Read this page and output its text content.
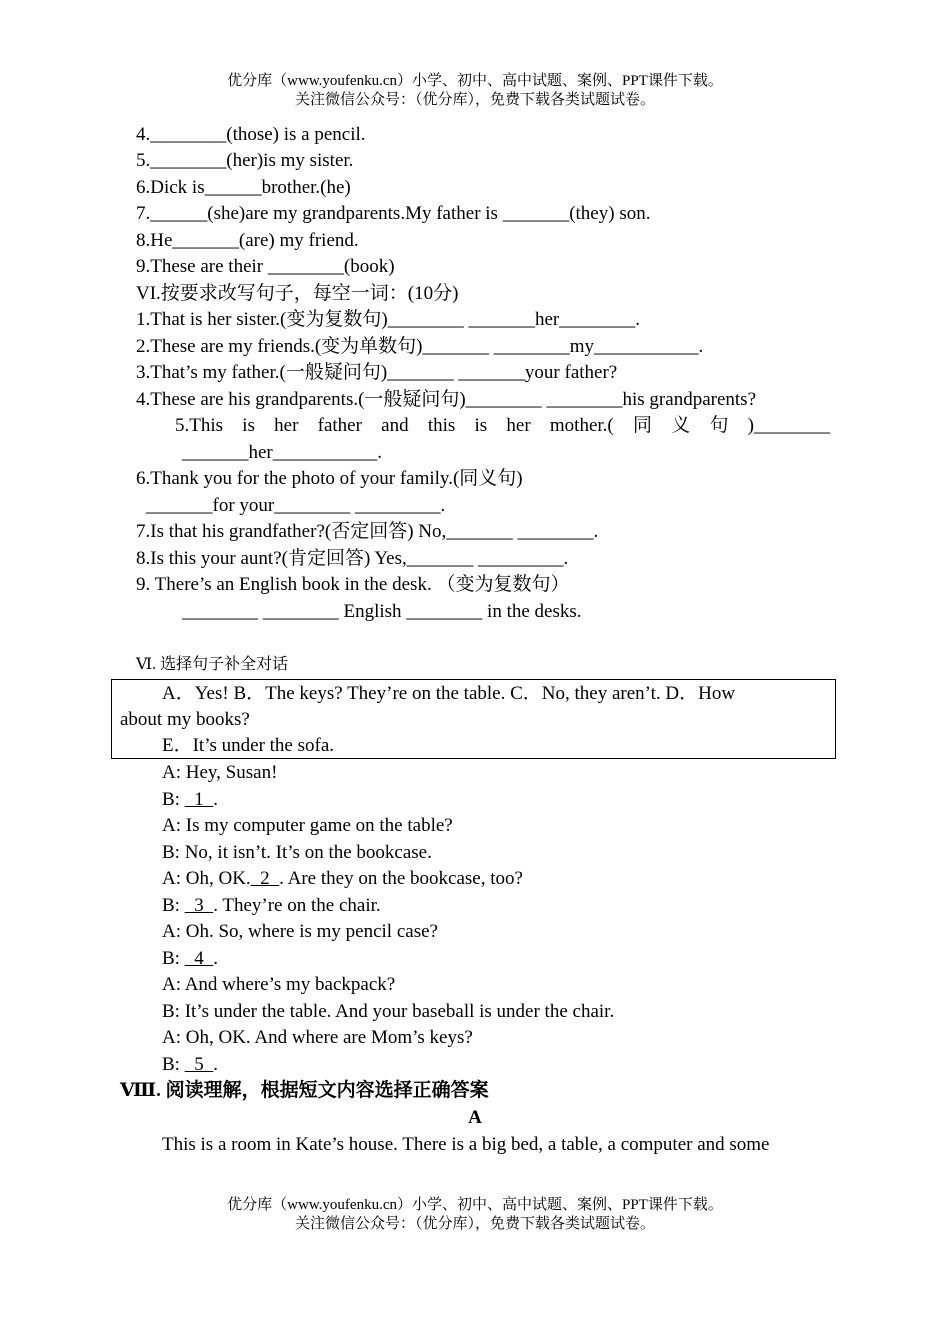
优分库（www.youfenku.cn）小学、初中、高中试题、案例、PPT课件下载。
关注微信公众号：（优分库），免费下载各类试题试卷。
4.________(those) is a pencil.
5.________(her)is my sister.
6.Dick is______brother.(he)
7.______(she)are my grandparents.My father is _______(they) son.
8.He_______(are) my friend.
9.These are their ________(book)
VI.按要求改写句子，每空一词：(10分)
1.That is her sister.(变为复数句)________ _______her________.
2.These are my friends.(变为单数句)_______ ________my___________.
3.That’s my father.(一般疑问句)_______ _______your father?
4.These are his grandparents.(一般疑问句)________ ________his grandparents?
5.This is her father and this is her mother.( 同 义 句 )________
_______her___________.
6.Thank you for the photo of your family.(同义句)
_______for your________ _________.
7.Is that his grandfather?(否定回答) No,_______ ________.
8.Is this your aunt?(肯定回答) Yes,_______ _________.
9. There’s an English book in the desk. （变为复数句）
________ ________ English ________ in the desks.
Ⅵ. 选择句子补全对话
A．Yes! B．The keys? They’re on the table. C．No, they aren’t. D．How
about my books?
E．It’s under the sofa.
A: Hey, Susan!
B:   1  .
A: Is my computer game on the table?
B: No, it isn’t. It’s on the bookcase.
A: Oh, OK.  2  . Are they on the bookcase, too?
B:   3  . They’re on the chair.
A: Oh. So, where is my pencil case?
B:   4  .
A: And where’s my backpack?
B: It’s under the table. And your baseball is under the chair.
A: Oh, OK. And where are Mom’s keys?
B:   5  .
Ⅷ. 阅读理解，根据短文内容选择正确答案
A
This is a room in Kate’s house. There is a big bed, a table, a computer and some
优分库（www.youfenku.cn）小学、初中、高中试题、案例、PPT课件下载。
关注微信公众号：（优分库），免费下载各类试题试卷。
